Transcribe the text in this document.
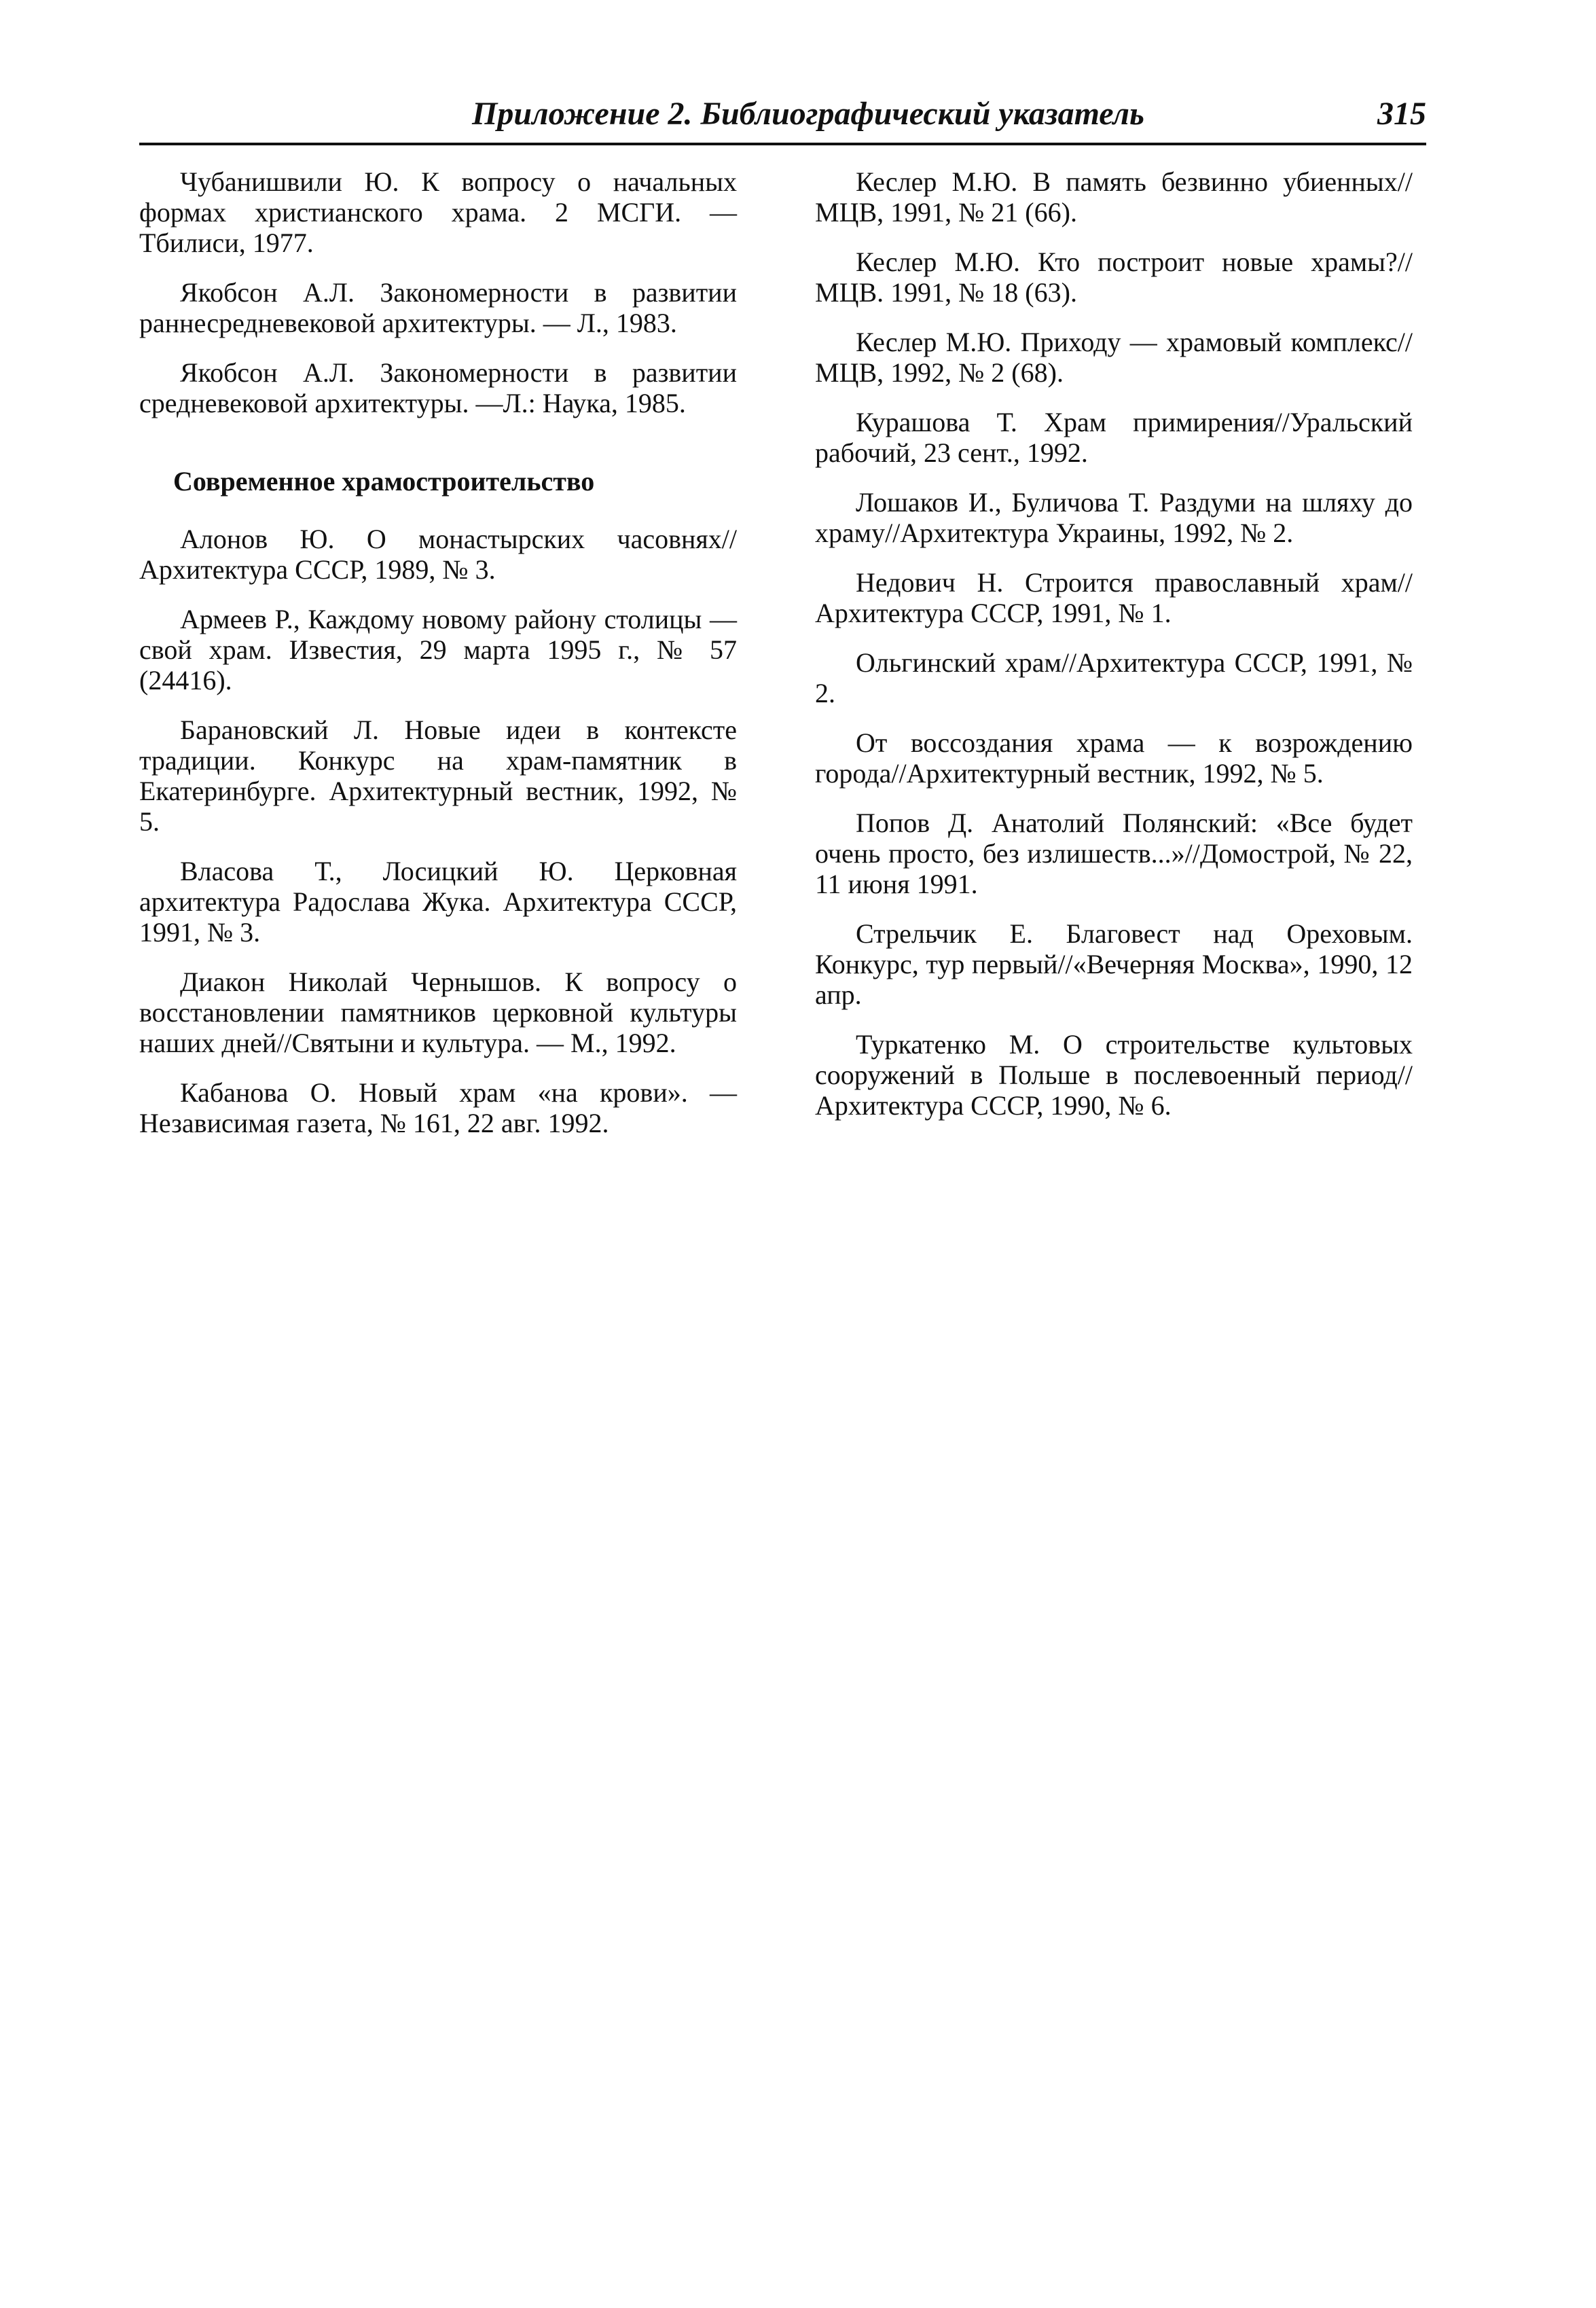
Приложение 2. Библиографический указатель	315

Чубанишвили Ю. К вопросу о начальных формах христианского храма. 2 МСГИ. — Тбилиси, 1977.

Якобсон А.Л. Закономерности в развитии раннесредневековой архитектуры. — Л., 1983.

Якобсон А.Л. Закономерности в развитии средневековой архитектуры. —Л.: Наука, 1985.

Современное храмостроительство

Алонов Ю. О монастырских часовнях//Архитектура СССР, 1989, № 3.

Армеев Р., Каждому новому району столицы — свой храм. Известия, 29 марта 1995 г., № 57 (24416).

Барановский Л. Новые идеи в контексте традиции. Конкурс на храм-памятник в Екатеринбурге. Архитектурный вестник, 1992, № 5.

Власова Т., Лосицкий Ю. Церковная архитектура Радослава Жука. Архитектура СССР, 1991, № 3.

Диакон Николай Чернышов. К вопросу о восстановлении памятников церковной культуры наших дней//Святыни и культура. — М., 1992.

Кабанова О. Новый храм «на крови». — Независимая газета, № 161, 22 авг. 1992.

Кеслер М.Ю. В память безвинно убиенных// МЦВ, 1991, № 21 (66).

Кеслер М.Ю. Кто построит новые храмы?// МЦВ. 1991, № 18 (63).

Кеслер М.Ю. Приходу — храмовый комплекс//МЦВ, 1992, № 2 (68).

Курашова Т. Храм примирения//Уральский рабочий, 23 сент., 1992.

Лошаков И., Буличова Т. Раздуми на шляху до храму//Архитектура Украины, 1992, № 2.

Недович Н. Строится православный храм// Архитектура СССР, 1991, № 1.

Ольгинский храм//Архитектура СССР, 1991, № 2.

От воссоздания храма — к возрождению города//Архитектурный вестник, 1992, № 5.

Попов Д. Анатолий Полянский: «Все будет очень просто, без излишеств...»//Домострой, № 22, 11 июня 1991.

Стрельчик Е. Благовест над Ореховым. Конкурс, тур первый//«Вечерняя Москва», 1990, 12 апр.

Туркатенко М. О строительстве культовых сооружений в Польше в послевоенный период//Архитектура СССР, 1990, № 6.
